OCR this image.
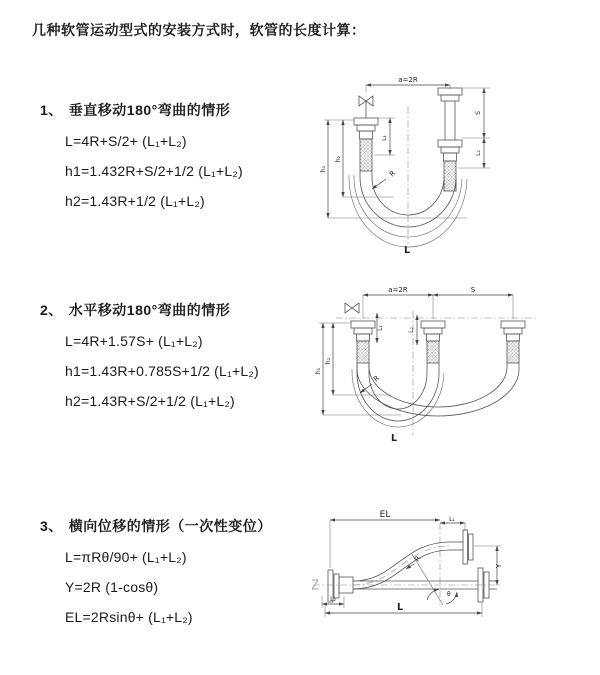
几种软管运动型式的安装方式时，软管的长度计算：
1、 垂直移动180°弯曲的情形
L=4R+S/2+ (L₁+L₂)
h1=1.432R+S/2+1/2 (L₁+L₂)
h2=1.43R+1/2 (L₁+L₂)
2、 水平移动180°弯曲的情形
L=4R+1.57S+ (L₁+L₂)
h1=1.43R+0.785S+1/2 (L₁+L₂)
h2=1.43R+S/2+1/2 (L₁+L₂)
3、 横向位移的情形（一次性变位）
L=πRθ/90+ (L₁+L₂)
Y=2R (1-cosθ)
EL=2Rsinθ+ (L₁+L₂)
a=2R
L₁
S
L₂
h₁
h₂
R
L
a=2R	S
L₁	L₂
h₁
h₂
R
L
EL	L₁
Y
θ
R
L₂
L
